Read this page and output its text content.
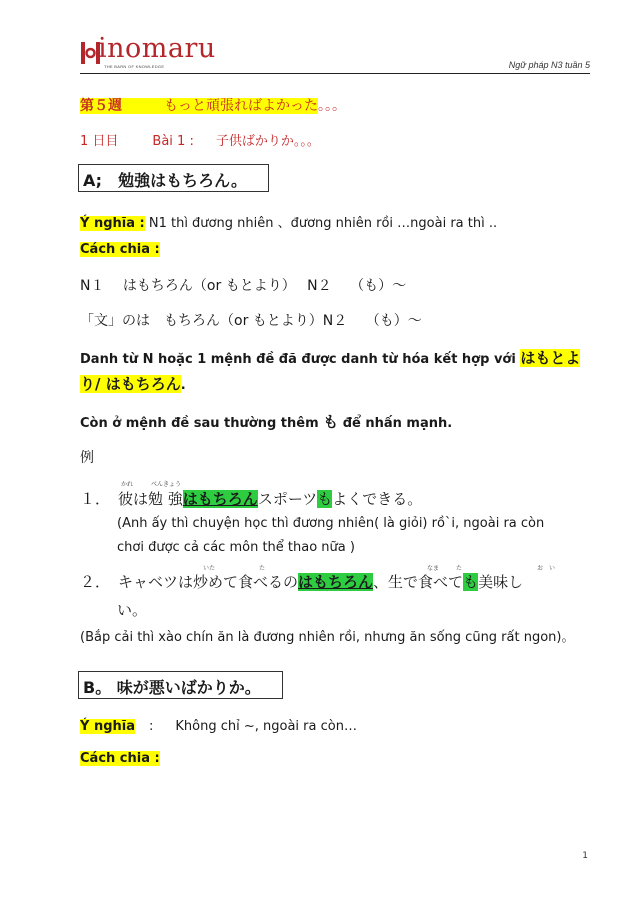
inomaru
THE BARN OF KNOWLEDGE	Ngữ pháp N3 tuần 5
第５週　　　	もっと頑張ればよかった。。。
1 日目	Bài 1 : 子供ばかりか。。。
A;　勉強はもちろん。
Ý nghĩa : N1 thì đương nhiên 、đương nhiên rồi …ngoài ra thì ..
Cách chia :
N１　 はもちろん（or もとより）　 N２　 （も）～
「文」のは　もちろん（or もとより）N２　 （も）～
Danh từ N hoặc 1 mệnh đề đã được danh từ hóa kết hợp với はもとよ
り/ はもちろん.
Còn ở mệnh đề sau thường thêm も để nhấn mạnh.
例
かれ	べんきょう
１． 彼は勉 強はもちろんスポーツもよくできる。
(Anh ấy thì chuyện học thì đương nhiên( là giỏi) rồ`i, ngoài ra còn
chơi được cả các môn thể thao nữa )
いた	た	なま	た	お　い
２． キャベツは炒めて食べるのはもちろん、生で食べても美味し
い。
(Bắp cải thì xào chín ăn là đương nhiên rồi, nhưng ăn sống cũng rất ngon)。
B。 味が悪いばかりか。
Ý nghĩa : Không chỉ ~, ngoài ra còn…
Cách chia :
1
